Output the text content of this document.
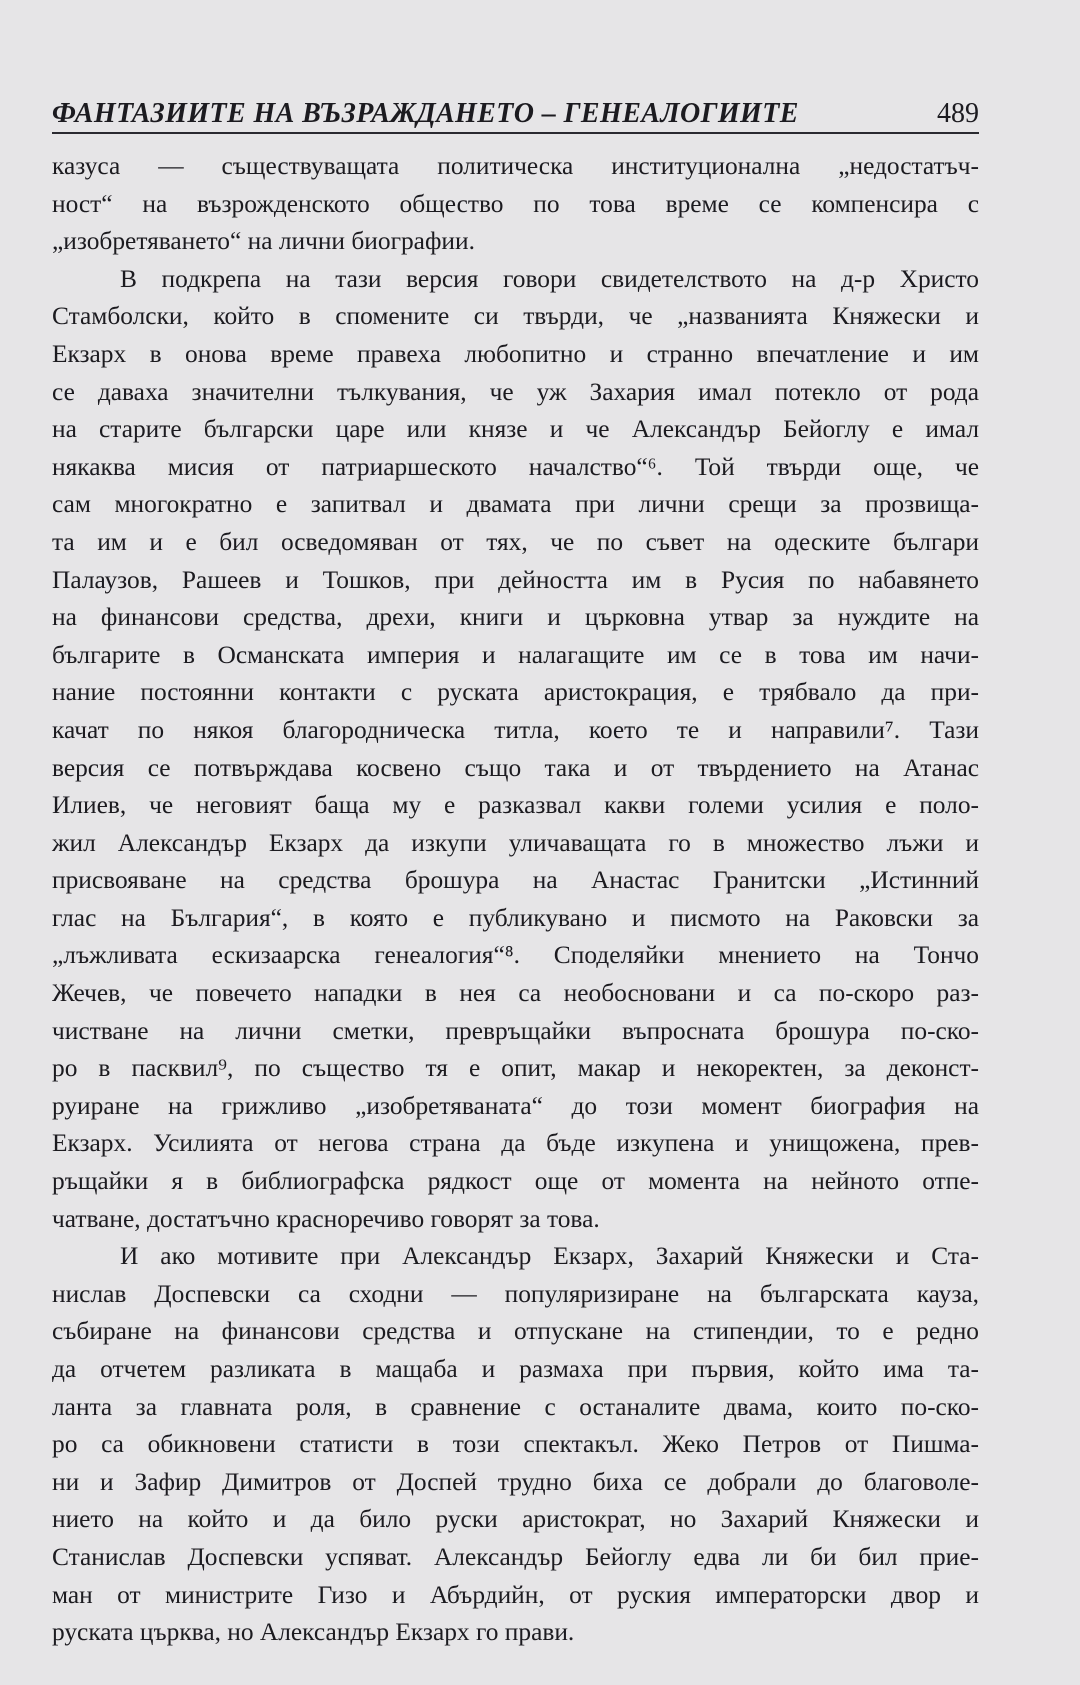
ФАНТАЗИИТЕ НА ВЪЗРАЖДАНЕТО – ГЕНЕАЛОГИИТЕ	489
казуса — съществуващата политическа институционална „недостатъч-
ност“ на възрожденското общество по това време се компенсира с
„изобретяването“ на лични биографии.
В подкрепа на тази версия говори свидетелството на д-р Христо
Стамболски, който в спомените си твърди, че „названията Княжески и
Екзарх в онова време правеха любопитно и странно впечатление и им
се даваха значителни тълкувания, че уж Захария имал потекло от рода
на старите български царе или князе и че Александър Бейоглу е имал
някаква мисия от патриаршеското началство“⁶. Той твърди още, че
сам многократно е запитвал и двамата при лични срещи за прозвища-
та им и е бил осведомяван от тях, че по съвет на одеските българи
Палаузов, Рашеев и Тошков, при дейността им в Русия по набавянето
на финансови средства, дрехи, книги и църковна утвар за нуждите на
българите в Османската империя и налагащите им се в това им начи-
нание постоянни контакти с руската аристокрация, е трябвало да при-
качат по някоя благородническа титла, което те и направили⁷. Тази
версия се потвърждава косвено също така и от твърдението на Атанас
Илиев, че неговият баща му е разказвал какви големи усилия е поло-
жил Александър Екзарх да изкупи уличаващата го в множество лъжи и
присвояване на средства брошура на Анастас Гранитски „Истинний
глас на България“, в която е публикувано и писмото на Раковски за
„лъжливата ескизаарска генеалогия“⁸. Споделяйки мнението на Тончо
Жечев, че повечето нападки в нея са необосновани и са по-скоро раз-
чистване на лични сметки, превръщайки въпросната брошура по-ско-
ро в пасквил⁹, по същество тя е опит, макар и некоректен, за деконст-
руиране на грижливо „изобретяваната“ до този момент биография на
Екзарх. Усилията от негова страна да бъде изкупена и унищожена, прев-
ръщайки я в библиографска рядкост още от момента на нейното отпе-
чатване, достатъчно красноречиво говорят за това.
И ако мотивите при Александър Екзарх, Захарий Княжески и Ста-
нислав Доспевски са сходни — популяризиране на българската кауза,
събиране на финансови средства и отпускане на стипендии, то е редно
да отчетем разликата в мащаба и размаха при първия, който има та-
ланта за главната роля, в сравнение с останалите двама, които по-ско-
ро са обикновени статисти в този спектакъл. Жеко Петров от Пишма-
ни и Зафир Димитров от Доспей трудно биха се добрали до благоволе-
нието на който и да било руски аристократ, но Захарий Княжески и
Станислав Доспевски успяват. Александър Бейоглу едва ли би бил прие-
ман от министрите Гизо и Абърдийн, от руския императорски двор и
руската църква, но Александър Екзарх го прави.
